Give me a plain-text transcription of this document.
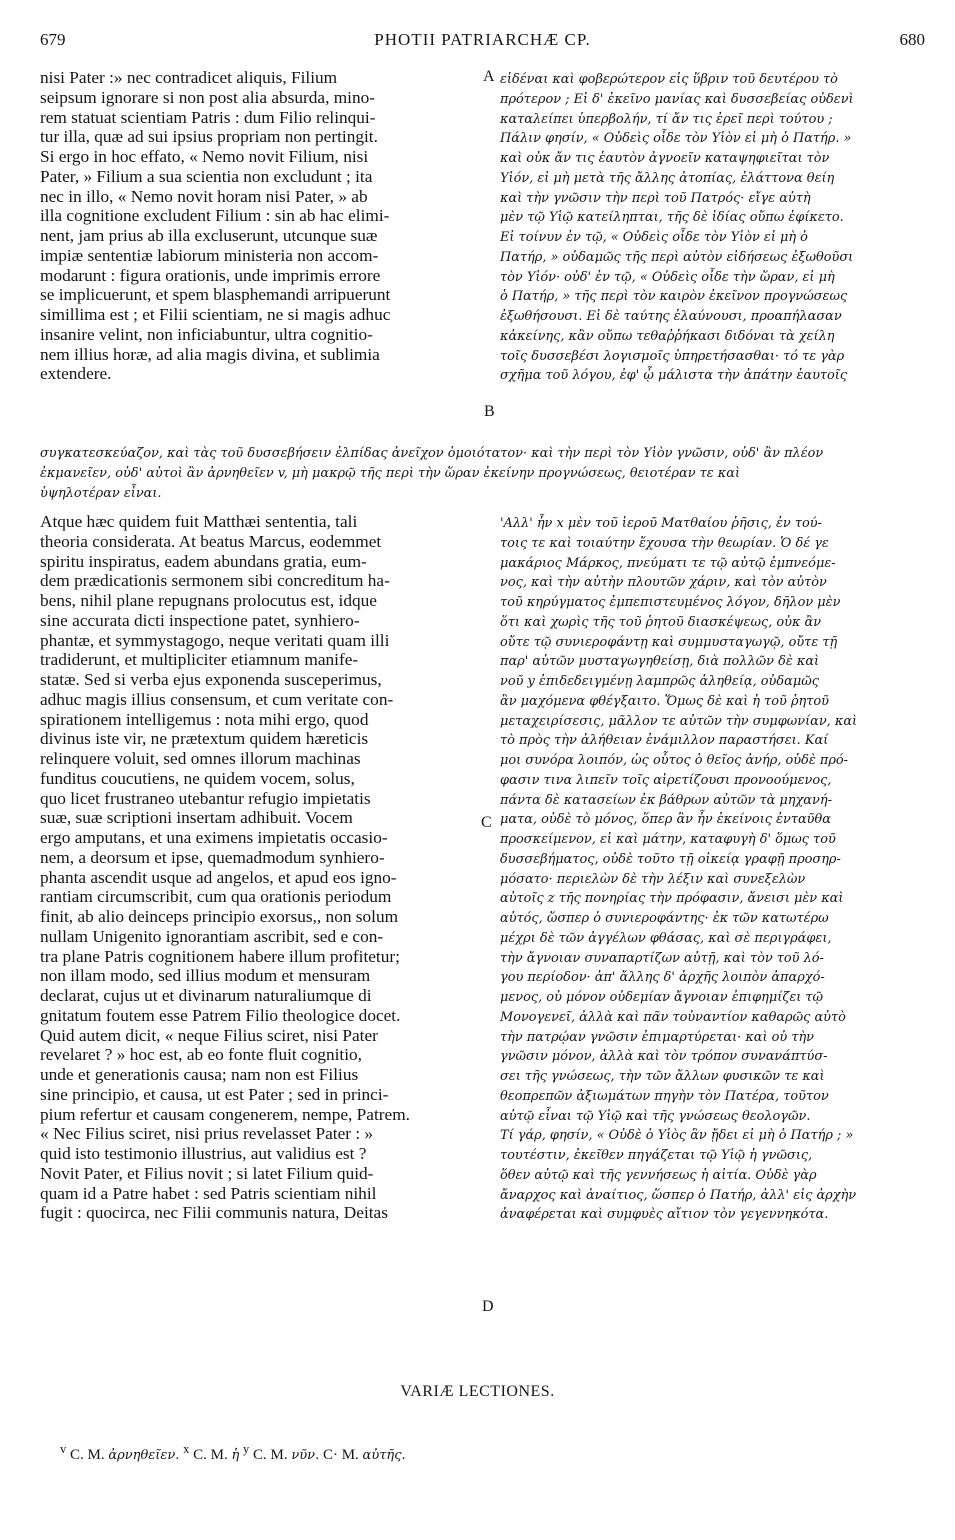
679	PHOTII PATRIARCHÆ CP.	680
A
B
C
D
nisi Pater :» nec contradicet aliquis, Filium
seipsum ignorare si non post alia absurda, mino-
rem statuat scientiam Patris : dum Filio relinqui-
tur illa, quæ ad sui ipsius propriam non pertingit.
Si ergo in hoc effato, « Nemo novit Filium, nisi
Pater, » Filium a sua scientia non excludunt ; ita
nec in illo, « Nemo novit horam nisi Pater, » ab
illa cognitione excludent Filium : sin ab hac elimi-
nent, jam prius ab illa excluserunt, utcunque suæ
impiæ sententiæ labiorum ministeria non accom-
modarunt : figura orationis, unde imprimis errore
se implicuerunt, et spem blasphemandi arripuerunt
simillima est ; et Filii scientiam, ne si magis adhuc
insanire velint, non inficiabuntur, ultra cognitio-
nem illius horæ, ad alia magis divina, et sublimia
extendere.
εἰδέναι καὶ φοβερώτερον εἰς ὕβριν τοῦ δευτέρου τὸ
πρότερον ; Εἰ δ' ἐκεῖνο μανίας καὶ δυσσεβείας οὐδενὶ
καταλείπει ὑπερβολήν, τί ἄν τις ἐρεῖ περὶ τούτου ;
Πάλιν φησίν, « Οὐδεὶς οἶδε τὸν Υἱὸν εἰ μὴ ὁ Πατήρ. »
καὶ οὐκ ἄν τις ἑαυτὸν ἀγνοεῖν καταψηφιεῖται τὸν
Υἱόν, εἰ μὴ μετὰ τῆς ἄλλης ἀτοπίας, ἐλάττονα θείη
καὶ τὴν γνῶσιν τὴν περὶ τοῦ Πατρός· εἴγε αὐτὴ
μὲν τῷ Υἱῷ κατείληπται, τῆς δὲ ἰδίας οὔπω ἐφίκετο.
Εἰ τοίνυν ἐν τῷ, « Οὐδεὶς οἶδε τὸν Υἱὸν εἰ μὴ ὁ
Πατήρ, » οὐδαμῶς τῆς περὶ αὐτὸν εἰδήσεως ἐξωθοῦσι
τὸν Υἱόν· οὐδ' ἐν τῷ, « Οὐδεὶς οἶδε τὴν ὥραν, εἰ μὴ
ὁ Πατήρ, » τῆς περὶ τὸν καιρὸν ἐκεῖνον προγνώσεως
ἐξωθήσουσι. Εἰ δὲ ταύτης ἐλαύνουσι, προαπήλασαν
κἀκείνης, κἂν οὔπω τεθαῤῥήκασι διδόναι τὰ χείλη
τοῖς δυσσεβέσι λογισμοῖς ὑπηρετήσασθαι· τό τε γὰρ
σχῆμα τοῦ λόγου, ἐφ' ᾧ μάλιστα τὴν ἀπάτην ἑαυτοῖς
συγκατεσκεύαζον, καὶ τὰς τοῦ δυσσεβήσειν ἐλπίδας ἀνεῖχον ὁμοιότατον· καὶ τὴν περὶ τὸν Υἱὸν γνῶσιν, οὐδ' ἂν πλέον
ἐκμανεῖεν, οὐδ' αὐτοὶ ἂν ἀρνηθεῖεν v, μὴ μακρῷ τῆς περὶ τὴν ὥραν ἐκείνην προγνώσεως, θειοτέραν τε καὶ
ὑψηλοτέραν εἶναι.
Atque hæc quidem fuit Matthæi sententia, tali
theoria considerata. At beatus Marcus, eodemmet
spiritu inspiratus, eadem abundans gratia, eum-
dem prædicationis sermonem sibi concreditum ha-
bens, nihil plane repugnans prolocutus est, idque
sine accurata dicti inspectione patet, synhiero-
phantæ, et symmystagogo, neque veritati quam illi
tradiderunt, et multipliciter etiamnum manife-
statæ. Sed si verba ejus exponenda susceperimus,
adhuc magis illius consensum, et cum veritate con-
spirationem intelligemus : nota mihi ergo, quod
divinus iste vir, ne prætextum quidem hæreticis
relinquere voluit, sed omnes illorum machinas
funditus coucutiens, ne quidem vocem, solus,
quo licet frustraneo utebantur refugio impietatis
suæ, suæ scriptioni insertam adhibuit. Vocem
ergo amputans, et una eximens impietatis occasio-
nem, a deorsum et ipse, quemadmodum synhiero-
phanta ascendit usque ad angelos, et apud eos igno-
rantiam circumscribit, cum qua orationis periodum
finit, ab alio deinceps principio exorsus,, non solum
nullam Unigenito ignorantiam ascribit, sed e con-
tra plane Patris cognitionem habere illum profitetur;
non illam modo, sed illius modum et mensuram
declarat, cujus ut et divinarum naturaliumque di
gnitatum foutem esse Patrem Filio theologice docet.
Quid autem dicit, « neque Filius sciret, nisi Pater
revelaret ? » hoc est, ab eo fonte fluit cognitio,
unde et generationis causa; nam non est Filius
sine principio, et causa, ut est Pater ; sed in princi-
pium refertur et causam congenerem, nempe, Patrem.
« Nec Filius sciret, nisi prius revelasset Pater : »
quid isto testimonio illustrius, aut validius est ?
Novit Pater, et Filius novit ; si latet Filium quid-
quam id a Patre habet : sed Patris scientiam nihil
fugit : quocirca, nec Filii communis natura, Deitas
'Αλλ' ἦν x μὲν τοῦ ἱεροῦ Ματθαίου ῥῆσις, ἐν τού-
τοις τε καὶ τοιαύτην ἔχουσα τὴν θεωρίαν. Ὁ δέ γε
μακάριος Μάρκος, πνεύματι τε τῷ αὐτῷ ἐμπνεόμε-
νος, καὶ τὴν αὐτὴν πλουτῶν χάριν, καὶ τὸν αὐτὸν
τοῦ κηρύγματος ἐμπεπιστευμένος λόγον, δῆλον μὲν
ὅτι καὶ χωρὶς τῆς τοῦ ῥητοῦ διασκέψεως, οὐκ ἂν
οὔτε τῷ συνιεροφάντῃ καὶ συμμυσταγωγῷ, οὔτε τῇ
παρ' αὐτῶν μυσταγωγηθείσῃ, διὰ πολλῶν δὲ καὶ
νοῦ y ἐπιδεδειγμένῃ λαμπρῶς ἀληθείᾳ, οὐδαμῶς
ἂν μαχόμενα φθέγξαιτο. Ὅμως δὲ καὶ ἡ τοῦ ῥητοῦ
μεταχειρίσεσις, μᾶλλον τε αὐτῶν τὴν συμφωνίαν, καὶ
τὸ πρὸς τὴν ἀλήθειαν ἐνάμιλλον παραστήσει. Καί
μοι συνόρα λοιπόν, ὡς οὗτος ὁ θεῖος ἀνήρ, οὐδὲ πρό-
φασιν τινα λιπεῖν τοῖς αἱρετίζουσι προνοούμενος,
πάντα δὲ κατασείων ἐκ βάθρων αὐτῶν τὰ μηχανή-
ματα, οὐδὲ τὸ μόνος, ὅπερ ἂν ἦν ἐκείνοις ἐνταῦθα
προσκείμενον, εἰ καὶ μάτην, καταφυγὴ δ' ὅμως τοῦ
δυσσεβήματος, οὐδὲ τοῦτο τῇ οἰκείᾳ γραφῇ προσηρ-
μόσατο· περιελὼν δὲ τὴν λέξιν καὶ συνεξελὼν
αὐτοῖς z τῆς πονηρίας τὴν πρόφασιν, ἄνεισι μὲν καὶ
αὐτός, ὥσπερ ὁ συνιεροφάντης· ἐκ τῶν κατωτέρω
μέχρι δὲ τῶν ἀγγέλων φθάσας, καὶ σὲ περιγράφει,
τὴν ἄγνοιαν συναπαρτίζων αὐτῇ, καὶ τὸν τοῦ λό-
γου περίοδον· ἀπ' ἄλλης δ' ἀρχῆς λοιπὸν ἀπαρχό-
μενος, οὐ μόνον οὐδεμίαν ἄγνοιαν ἐπιφημίζει τῷ
Μονογενεῖ, ἀλλὰ καὶ πᾶν τοὐναντίον καθαρῶς αὐτὸ
τὴν πατρῴαν γνῶσιν ἐπιμαρτύρεται· καὶ οὐ τὴν
γνῶσιν μόνον, ἀλλὰ καὶ τὸν τρόπον συνανάπτύσ-
σει τῆς γνώσεως, τὴν τῶν ἄλλων φυσικῶν τε καὶ
θεοπρεπῶν ἀξιωμάτων πηγὴν τὸν Πατέρα, τοῦτον
αὐτῷ εἶναι τῷ Υἱῷ καὶ τῆς γνώσεως θεολογῶν.
Τί γάρ, φησίν, « Οὐδὲ ὁ Υἱὸς ἂν ᾔδει εἰ μὴ ὁ Πατήρ ; »
τουτέστιν, ἐκεῖθεν πηγάζεται τῷ Υἱῷ ἡ γνῶσις,
ὅθεν αὐτῷ καὶ τῆς γεννήσεως ἡ αἰτία. Οὐδὲ γὰρ
ἄναρχος καὶ ἀναίτιος, ὥσπερ ὁ Πατήρ, ἀλλ' εἰς ἀρχὴν
ἀναφέρεται καὶ συμφυὲς αἴτιον τὸν γεγεννηκότα.
VARIÆ LECTIONES.
$^v$ C. M. ἀρνηθεῖεν. $^x$ C. M. ἡ $^y$ C. M. νῦν. C· M. αὐτῆς.
